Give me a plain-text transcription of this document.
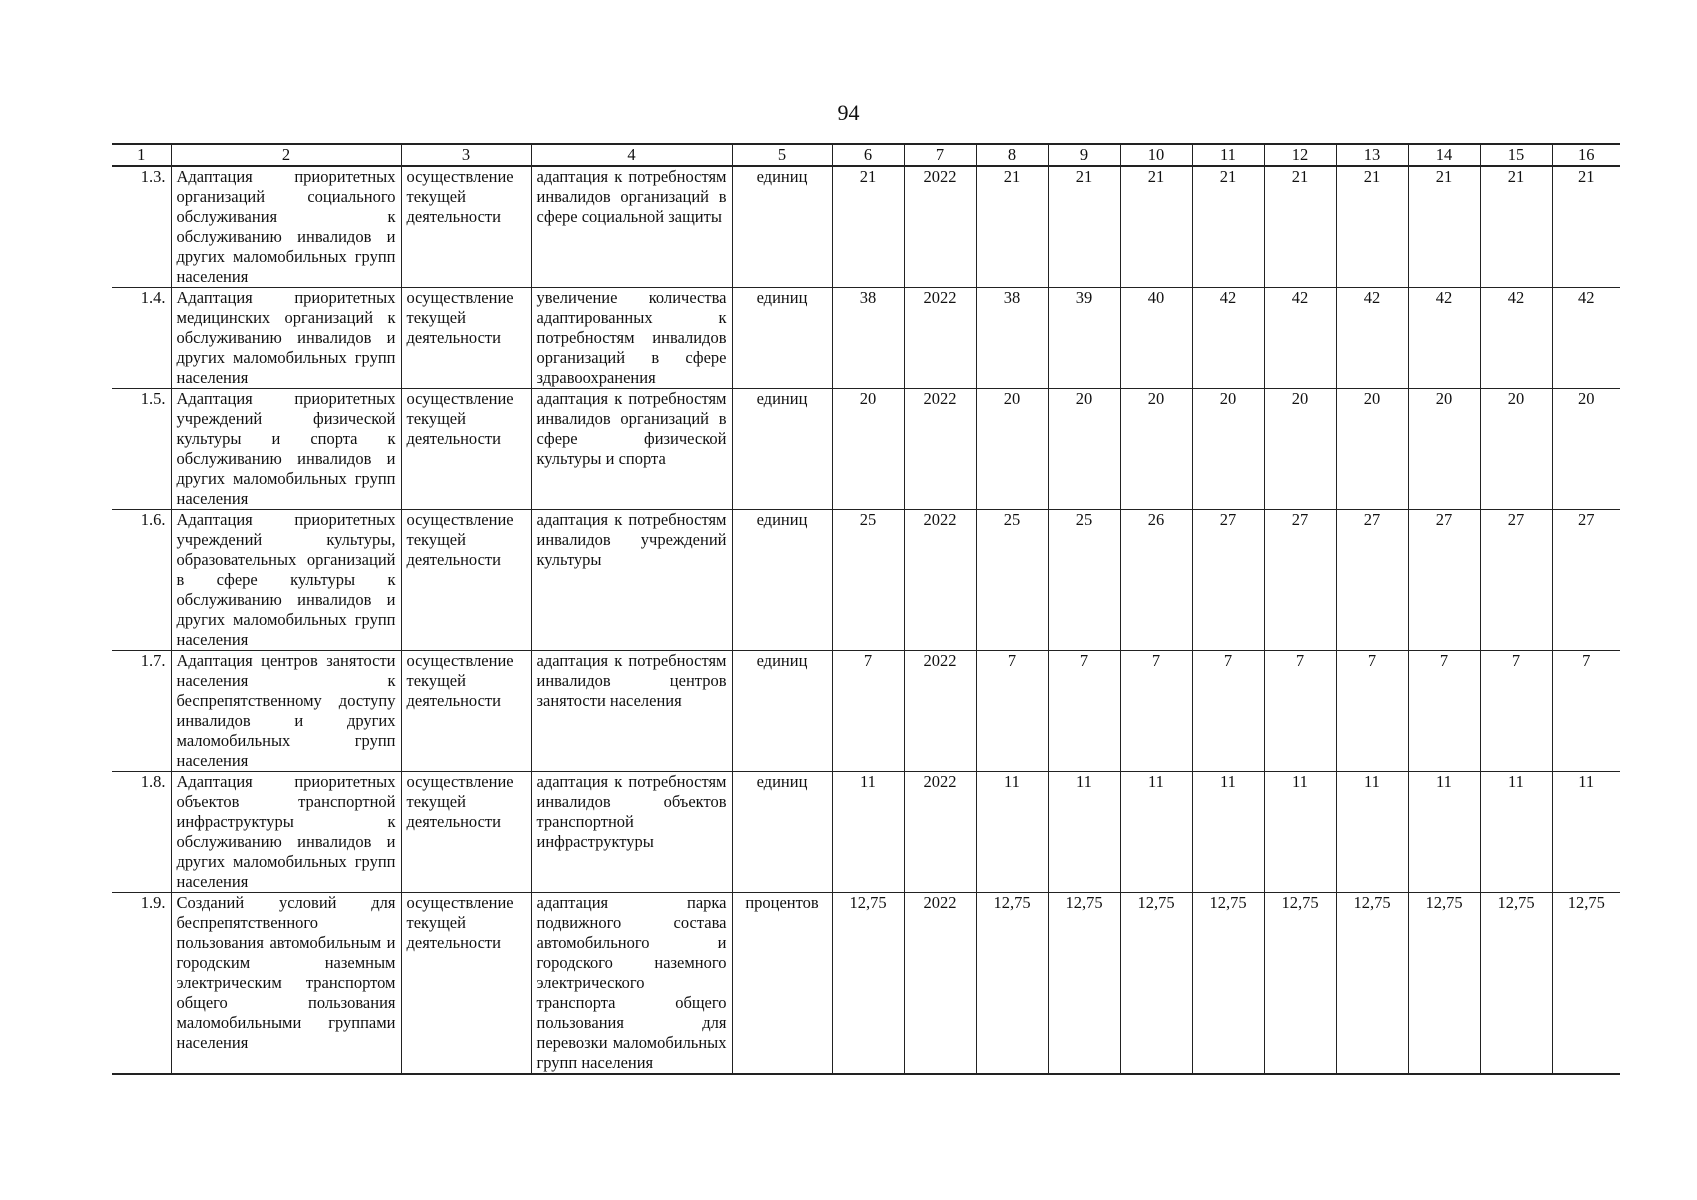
94
1	2	3	4	5	6	7	8	9	10	11	12	13	14	15	16
1.3.	Адаптация приоритетных организаций социального обслуживания к обслуживанию инвалидов и других маломобильных групп населения	осуществление текущей деятельности	адаптация к потребностям инвалидов организаций в сфере социальной защиты	единиц	21	2022	21	21	21	21	21	21	21	21	21
1.4.	Адаптация приоритетных медицинских организаций к обслуживанию инвалидов и других маломобильных групп населения	осуществление текущей деятельности	увеличение количества адаптированных к потребностям инвалидов организаций в сфере здравоохранения	единиц	38	2022	38	39	40	42	42	42	42	42	42
1.5.	Адаптация приоритетных учреждений физической культуры и спорта к обслуживанию инвалидов и других маломобильных групп населения	осуществление текущей деятельности	адаптация к потребностям инвалидов организаций в сфере физической культуры и спорта	единиц	20	2022	20	20	20	20	20	20	20	20	20
1.6.	Адаптация приоритетных учреждений культуры, образовательных организаций в сфере культуры к обслуживанию инвалидов и других маломобильных групп населения	осуществление текущей деятельности	адаптация к потребностям инвалидов учреждений культуры	единиц	25	2022	25	25	26	27	27	27	27	27	27
1.7.	Адаптация центров занятости населения к беспрепятственному доступу инвалидов и других маломобильных групп населения	осуществление текущей деятельности	адаптация к потребностям инвалидов центров занятости населения	единиц	7	2022	7	7	7	7	7	7	7	7	7
1.8.	Адаптация приоритетных объектов транспортной инфраструктуры к обслуживанию инвалидов и других маломобильных групп населения	осуществление текущей деятельности	адаптация к потребностям инвалидов объектов транспортной инфраструктуры	единиц	11	2022	11	11	11	11	11	11	11	11	11
1.9.	Созданий условий для беспрепятственного пользования автомобильным и городским наземным электрическим транспортом общего пользования маломобильными группами населения	осуществление текущей деятельности	адаптация парка подвижного состава автомобильного и городского наземного электрического транспорта общего пользования для перевозки маломобильных групп населения	процентов	12,75	2022	12,75	12,75	12,75	12,75	12,75	12,75	12,75	12,75	12,75
